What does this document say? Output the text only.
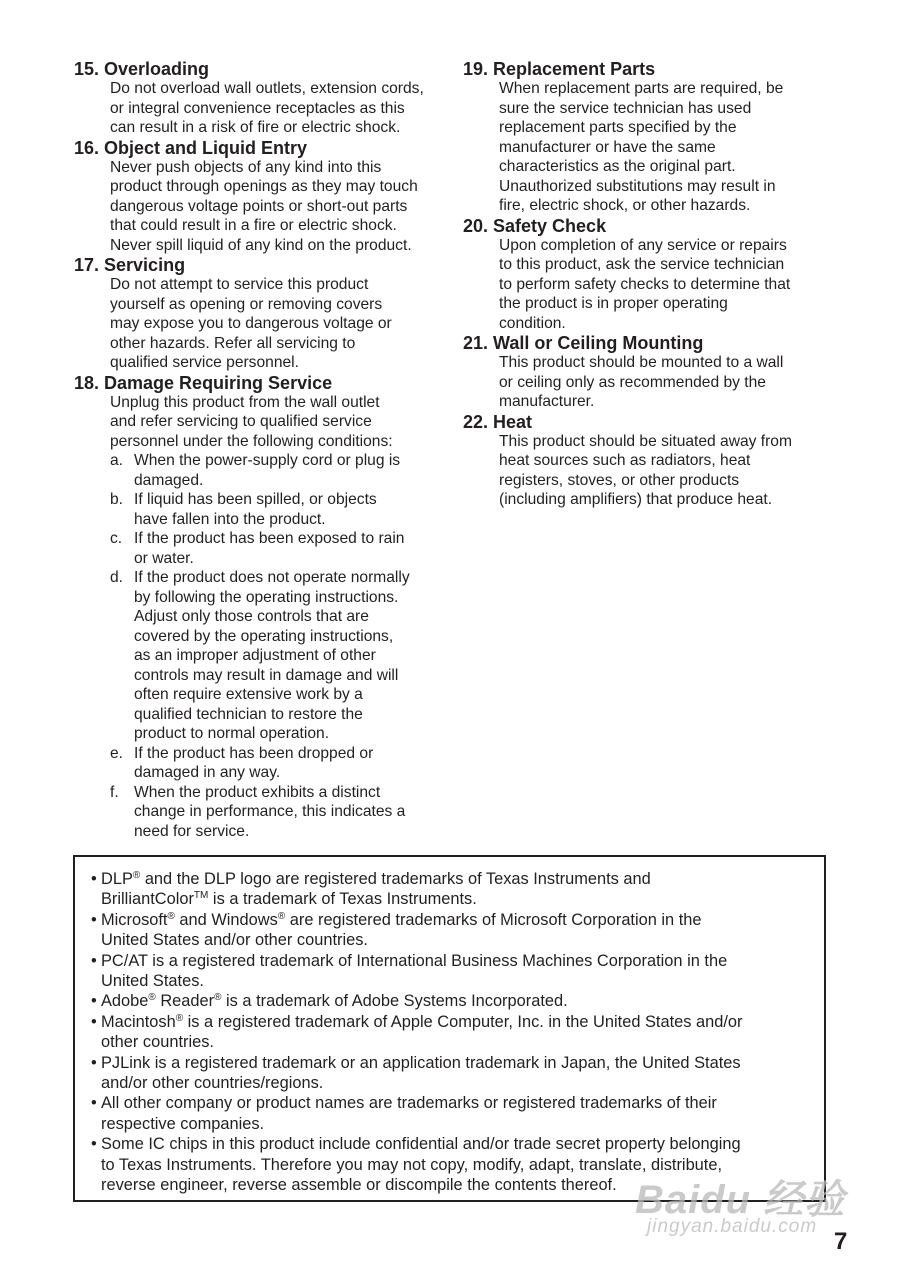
15. Overloading
Do not overload wall outlets, extension cords,
or integral convenience receptacles as this
can result in a risk of fire or electric shock.
16. Object and Liquid Entry
Never push objects of any kind into this
product through openings as they may touch
dangerous voltage points or short-out parts
that could result in a fire or electric shock.
Never spill liquid of any kind on the product.
17. Servicing
Do not attempt to service this product
yourself as opening or removing covers
may expose you to dangerous voltage or
other hazards. Refer all servicing to
qualified service personnel.
18. Damage Requiring Service
Unplug this product from the wall outlet
and refer servicing to qualified service
personnel under the following conditions:
a. When the power-supply cord or plug is
damaged.
b. If liquid has been spilled, or objects
have fallen into the product.
c. If the product has been exposed to rain
or water.
d. If the product does not operate normally
by following the operating instructions.
Adjust only those controls that are
covered by the operating instructions,
as an improper adjustment of other
controls may result in damage and will
often require extensive work by a
qualified technician to restore the
product to normal operation.
e. If the product has been dropped or
damaged in any way.
f. When the product exhibits a distinct
change in performance, this indicates a
need for service.
19. Replacement Parts
When replacement parts are required, be
sure the service technician has used
replacement parts specified by the
manufacturer or have the same
characteristics as the original part.
Unauthorized substitutions may result in
fire, electric shock, or other hazards.
20. Safety Check
Upon completion of any service or repairs
to this product, ask the service technician
to perform safety checks to determine that
the product is in proper operating
condition.
21. Wall or Ceiling Mounting
This product should be mounted to a wall
or ceiling only as recommended by the
manufacturer.
22. Heat
This product should be situated away from
heat sources such as radiators, heat
registers, stoves, or other products
(including amplifiers) that produce heat.
• DLP® and the DLP logo are registered trademarks of Texas Instruments and
BrilliantColor™ is a trademark of Texas Instruments.
• Microsoft® and Windows® are registered trademarks of Microsoft Corporation in the
United States and/or other countries.
• PC/AT is a registered trademark of International Business Machines Corporation in the
United States.
• Adobe® Reader® is a trademark of Adobe Systems Incorporated.
• Macintosh® is a registered trademark of Apple Computer, Inc. in the United States and/or
other countries.
• PJLink is a registered trademark or an application trademark in Japan, the United States
and/or other countries/regions.
• All other company or product names are trademarks or registered trademarks of their
respective companies.
• Some IC chips in this product include confidential and/or trade secret property belonging
to Texas Instruments. Therefore you may not copy, modify, adapt, translate, distribute,
reverse engineer, reverse assemble or discompile the contents thereof. Baidu 经验
jingyan.baidu.com
7
